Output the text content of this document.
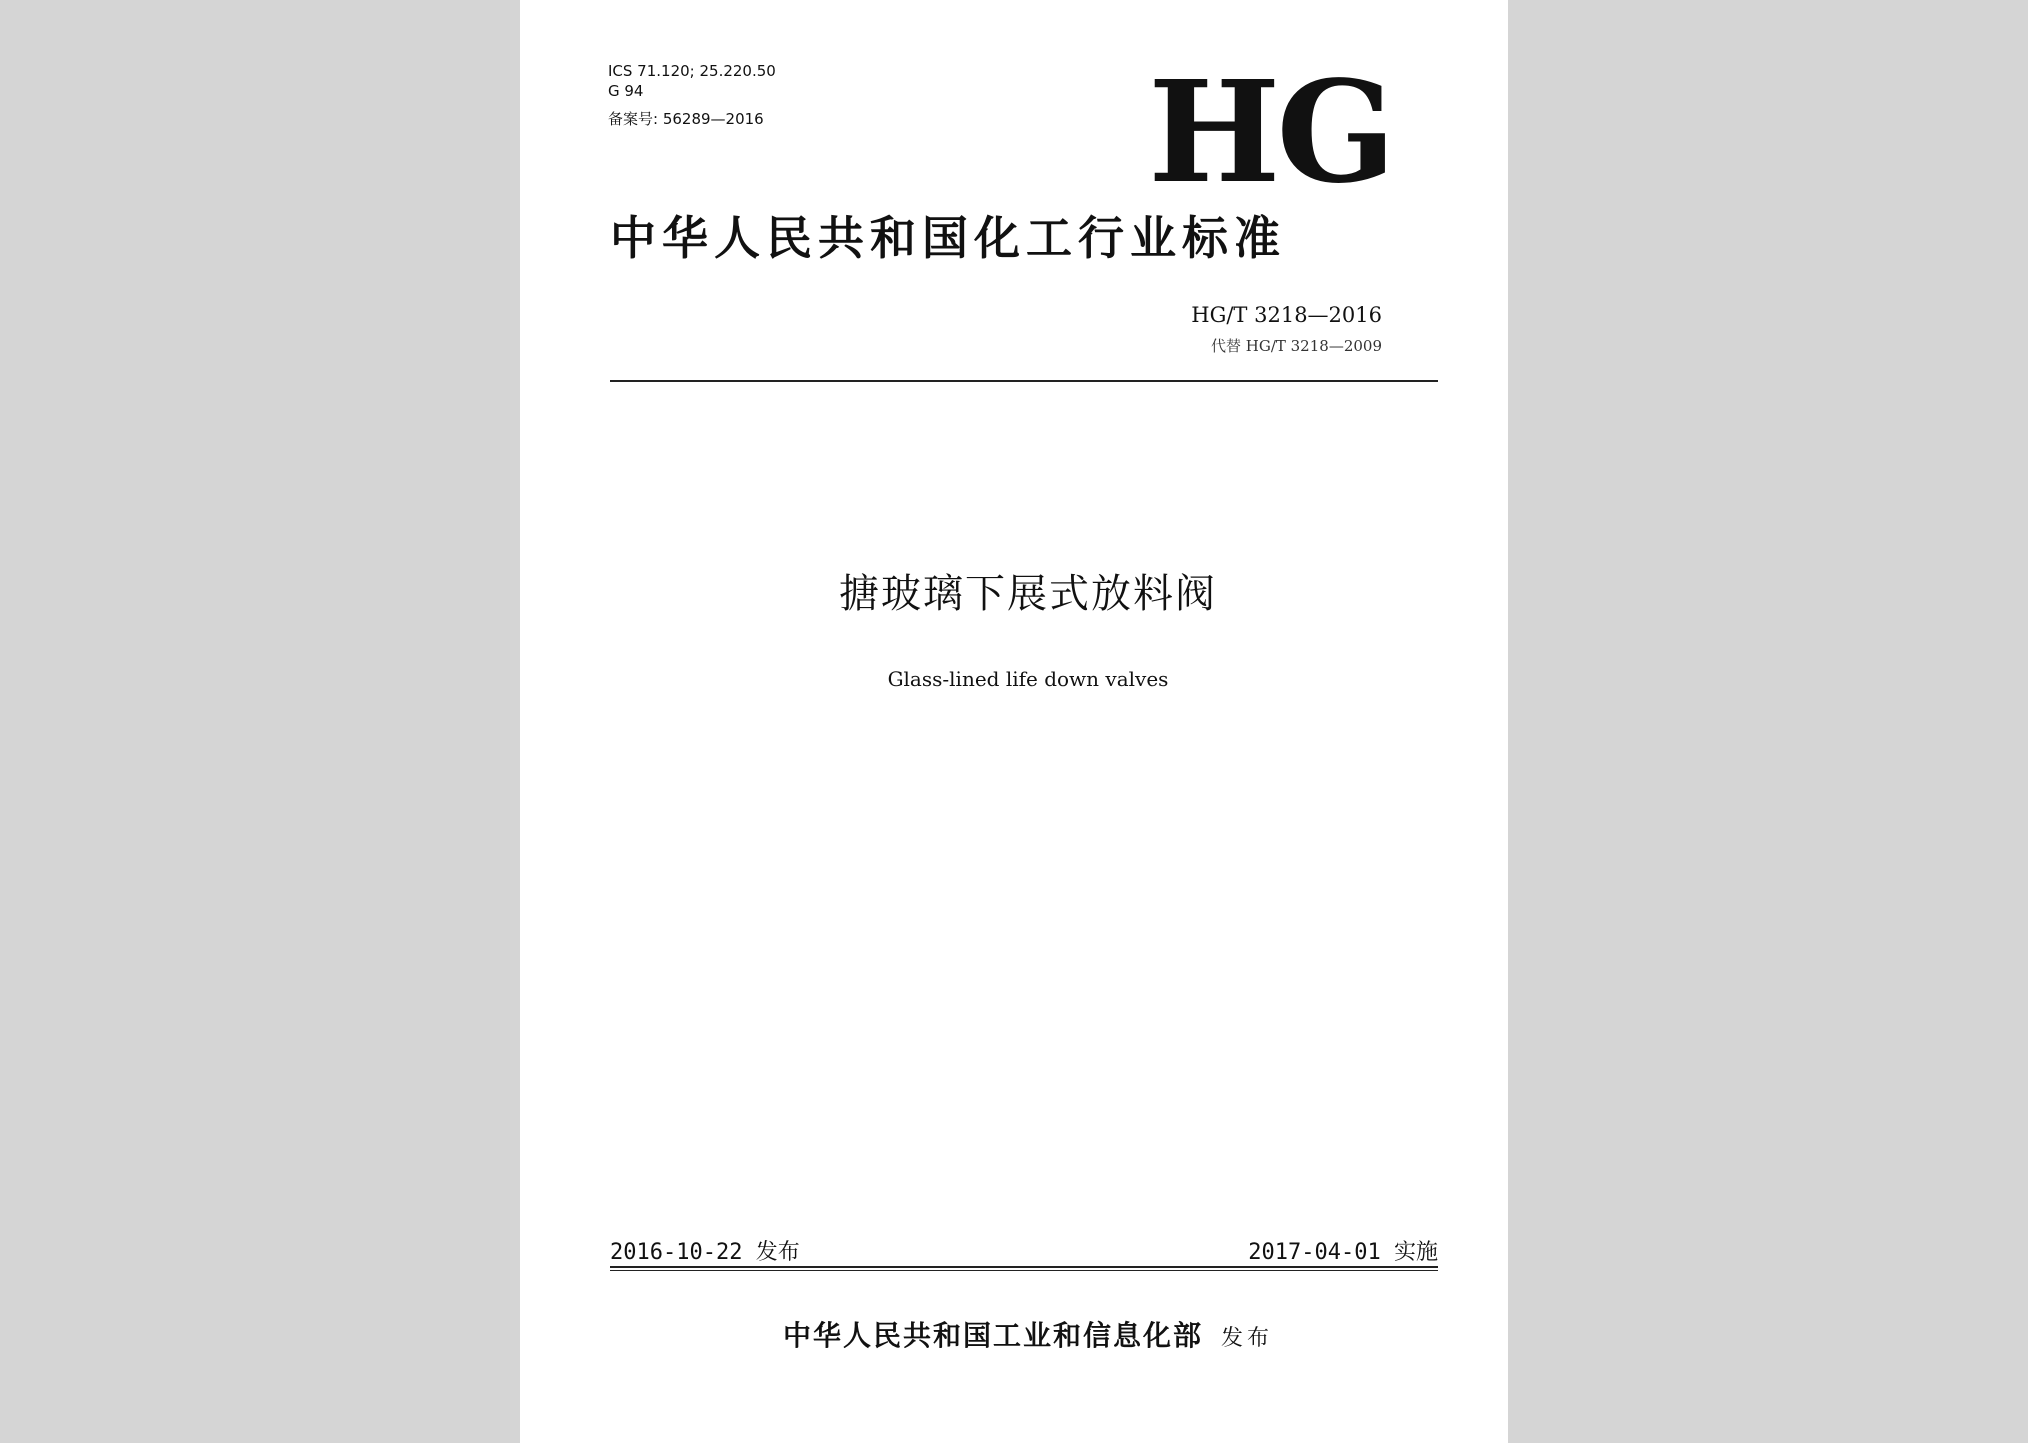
ICS 71.120; 25.220.50
G 94
备案号: 56289—2016	HG
中华人民共和国化工行业标准
HG/T 3218—2016
代替 HG/T 3218—2009
搪玻璃下展式放料阀
Glass-lined life down valves
2016-10-22 发布	2017-04-01 实施
中华人民共和国工业和信息化部 发布
